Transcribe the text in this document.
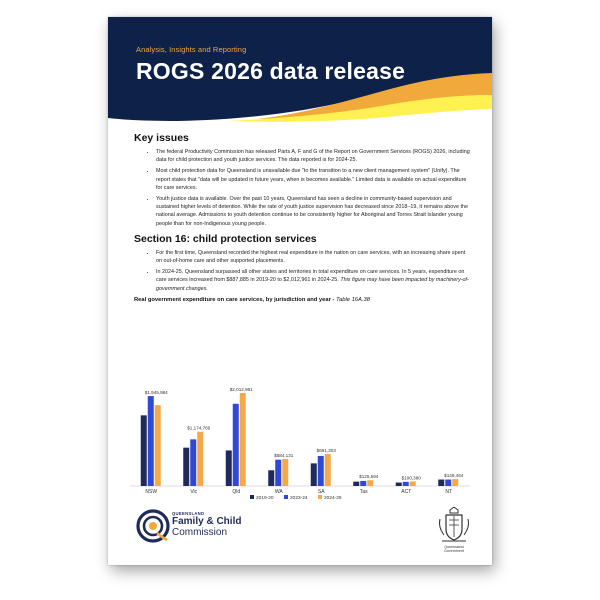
Analysis, Insights and Reporting

ROGS 2026 data release
Key issues
• The federal Productivity Commission has released Parts A, F and G of the Report on Government Services (ROGS) 2026, including data for child protection and youth justice services. The data reported is for 2024-25.
• Most child protection data for Queensland is unavailable due "to the transition to a new client management system" (Unify). The report states that "data will be updated in future years, when is becomes available." Limited data is available on actual expenditure for care services.
• Youth justice data is available. Over the past 10 years, Queensland has seen a decline in community-based supervision and sustained higher levels of detention. While the rate of youth justice supervision has decreased since 2018–19, it remains above the national average. Admissions to youth detention continue to be consistently higher for Aboriginal and Torres Strait Islander young people than for non-Indigenous young people.
Section 16: child protection services
• For the first time, Queensland recorded the highest real expenditure in the nation on care services, with an increasing share spent on out-of-home care and other supported placements.
• In 2024-25, Queensland surpassed all other states and territories in total expenditure on care services. In 5 years, expenditure on care services increased from $887,885 in 2019-20 to $2,012,961 in 2024-25. This figure may have been impacted by machinery-of-government changes.

Real government expenditure on care services, by jurisdiction and year - Table 16A.38

NSW
$1,945,984
Vic
$1,174,769
Qld
$2,012,961
WA
$584,131
SA
$691,303
Tas
$125,594
ACT
$100,380
NT
$149,464
2019-20	2023-24	2024-25

QUEENSLAND
Family & Child
Commission

Queensland
Government
